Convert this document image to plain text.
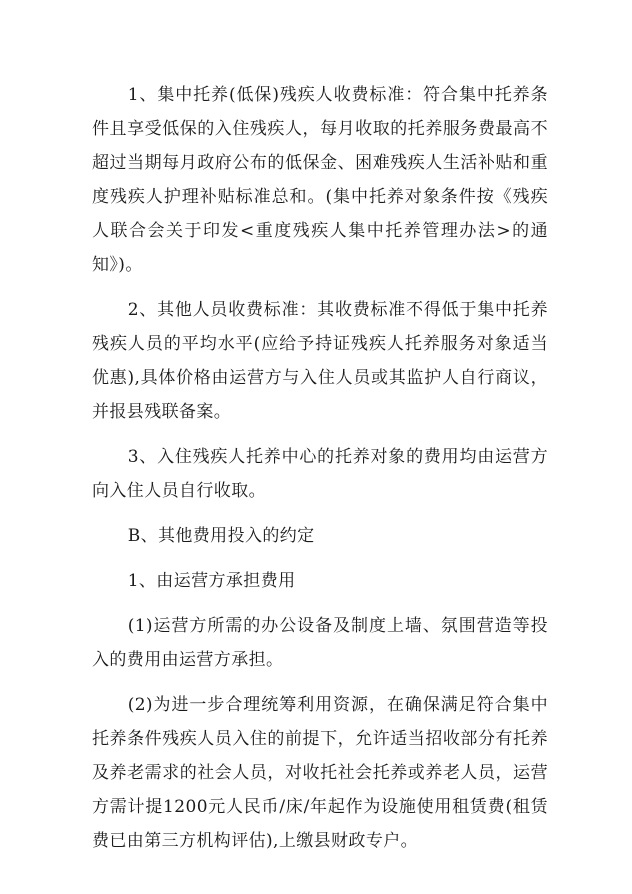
1、集中托养(低保)残疾人收费标准：符合集中托养条件且享受低保的入住残疾人，每月收取的托养服务费最高不超过当期每月政府公布的低保金、困难残疾人生活补贴和重度残疾人护理补贴标准总和。(集中托养对象条件按《残疾人联合会关于印发<重度残疾人集中托养管理办法>的通知》)。

2、其他人员收费标准：其收费标准不得低于集中托养残疾人员的平均水平(应给予持证残疾人托养服务对象适当优惠),具体价格由运营方与入住人员或其监护人自行商议，并报县残联备案。

3、入住残疾人托养中心的托养对象的费用均由运营方向入住人员自行收取。

B、其他费用投入的约定

1、由运营方承担费用

(1)运营方所需的办公设备及制度上墙、氛围营造等投入的费用由运营方承担。

(2)为进一步合理统筹利用资源，在确保满足符合集中托养条件残疾人员入住的前提下，允许适当招收部分有托养及养老需求的社会人员，对收托社会托养或养老人员，运营方需计提1200元人民币/床/年起作为设施使用租赁费(租赁费已由第三方机构评估),上缴县财政专户。
